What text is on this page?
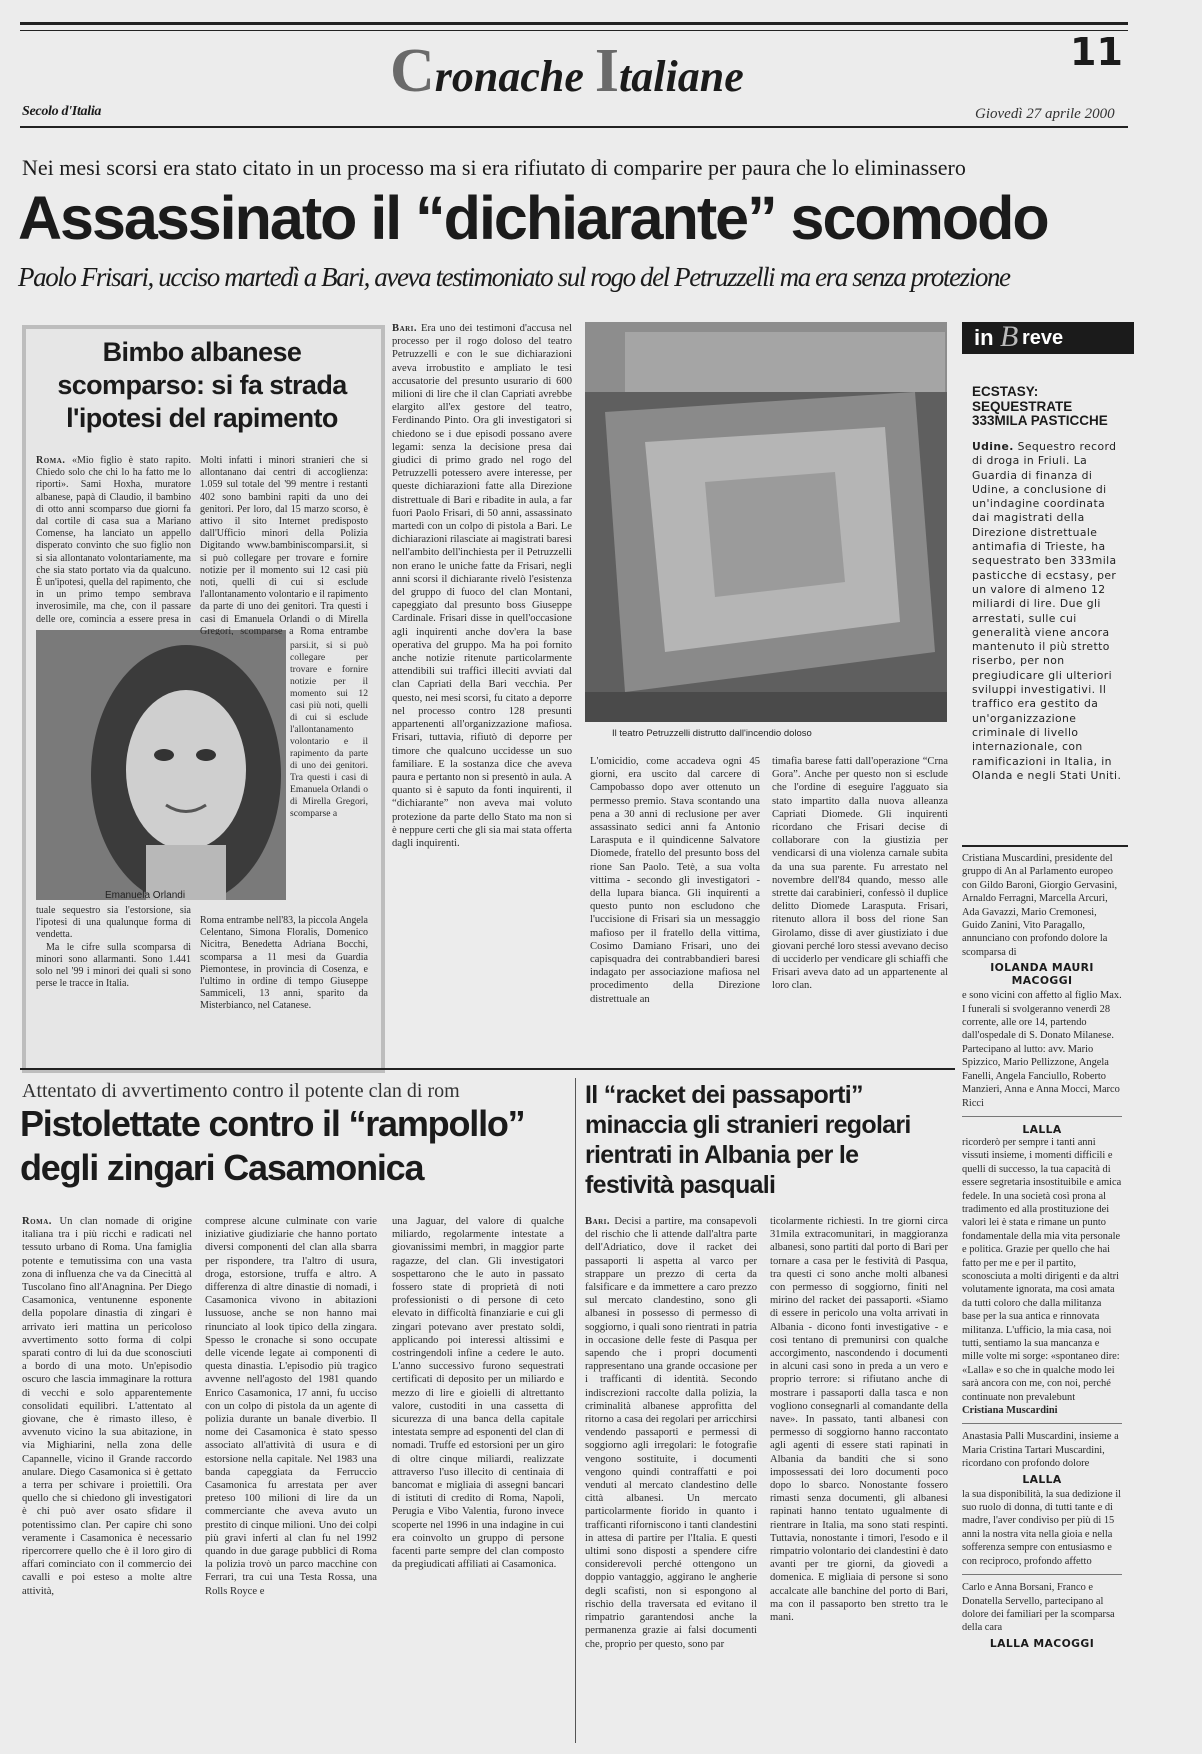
Cronache Italiane	11
Secolo d'Italia	Giovedì 27 aprile 2000
Nei mesi scorsi era stato citato in un processo ma si era rifiutato di comparire per paura che lo eliminassero
Assassinato il “dichiarante” scomodo
Paolo Frisari, ucciso martedì a Bari, aveva testimoniato sul rogo del Petruzzelli ma era senza protezione
Bimbo albanese scomparso: si fa strada l'ipotesi del rapimento

Roma. «Mio figlio è stato rapito. Chiedo solo che chi lo ha fatto me lo riporti». Sami Hoxha, muratore albanese, papà di Claudio, il bambino di otto anni scomparso due giorni fa dal cortile di casa sua a Mariano Comense, ha lanciato un appello disperato convinto che suo figlio non si sia allontanato volontariamente, ma che sia stato portato via da qualcuno. È un'ipotesi, quella del rapimento, che in un primo tempo sembrava inverosimile, ma che, con il passare delle ore, comincia a essere presa in

Emanuela Orlandi

tuale sequestro sia l'estorsione, sia l'ipotesi di una qualunque forma di vendetta.

Ma le cifre sulla scomparsa di minori sono allarmanti. Sono 1.441 solo nel '99 i minori dei quali si sono perse le tracce in Italia.

Molti infatti i minori stranieri che si allontanano dai centri di accoglienza: 1.059 sul totale del '99 mentre i restanti 402 sono bambini rapiti da uno dei genitori. Per loro, dal 15 marzo scorso, è attivo il sito Internet predisposto dall'Ufficio minori della Polizia Digitando www.bambiniscomparsi.it, si si può collegare per trovare e fornire notizie per il momento sui 12 casi più noti, quelli di cui si esclude l'allontanamento volontario e il rapimento da parte di uno dei genitori. Tra questi i casi di Emanuela Orlandi o di Mirella Gregori, scomparse a Roma entrambe

parsi.it, si si può collegare per trovare e fornire notizie per il momento sui 12 casi più noti, quelli di cui si esclude l'allontanamento volontario e il rapimento da parte di uno dei genitori. Tra questi i casi di Emanuela Orlandi o di Mirella Gregori, scomparse a

Roma entrambe nell'83, la piccola Angela Celentano, Simona Floralis, Domenico Nicitra, Benedetta Adriana Bocchi, scomparsa a 11 mesi da Guardia Piemontese, in provincia di Cosenza, e l'ultimo in ordine di tempo Giuseppe Sammiceli, 13 anni, sparito da Misterbianco, nel Catanese.

Bari. Era uno dei testimoni d'accusa nel processo per il rogo doloso del teatro Petruzzelli e con le sue dichiarazioni aveva irrobustito e ampliato le tesi accusatorie del presunto usurario di 600 milioni di lire che il clan Capriati avrebbe elargito all'ex gestore del teatro, Ferdinando Pinto. Ora gli investigatori si chiedono se i due episodi possano avere legami: senza la decisione presa dai giudici di primo grado nel rogo del Petruzzelli potessero avere interesse, per queste dichiarazioni fatte alla Direzione distrettuale di Bari e ribadite in aula, a far fuori Paolo Frisari, di 50 anni, assassinato martedì con un colpo di pistola a Bari. Le dichiarazioni rilasciate ai magistrati baresi nell'ambito dell'inchiesta per il Petruzzelli non erano le uniche fatte da Frisari, negli anni scorsi il dichiarante rivelò l'esistenza del gruppo di fuoco del clan Montani, capeggiato dal presunto boss Giuseppe Cardinale. Frisari disse in quell'occasione agli inquirenti anche dov'era la base operativa del gruppo. Ma ha poi fornito anche notizie ritenute particolarmente attendibili sui traffici illeciti avviati dal clan Capriati della Bari vecchia. Per questo, nei mesi scorsi, fu citato a deporre nel processo contro 128 presunti appartenenti all'organizzazione mafiosa. Frisari, tuttavia, rifiutò di deporre per timore che qualcuno uccidesse un suo familiare. E la sostanza dice che aveva paura e pertanto non si presentò in aula. A quanto si è saputo da fonti inquirenti, il “dichiarante” non aveva mai voluto protezione da parte dello Stato ma non si è neppure certi che gli sia mai stata offerta dagli inquirenti.

Il teatro Petruzzelli distrutto dall'incendio doloso

L'omicidio, come accadeva ogni 45 giorni, era uscito dal carcere di Campobasso dopo aver ottenuto un permesso premio. Stava scontando una pena a 30 anni di reclusione per aver assassinato sedici anni fa Antonio Larasputa e il quindicenne Salvatore Diomede, fratello del presunto boss del rione San Paolo. Tetè, a sua volta vittima - secondo gli investigatori - della lupara bianca. Gli inquirenti a questo punto non escludono che l'uccisione di Frisari sia un messaggio mafioso per il fratello della vittima, Cosimo Damiano Frisari, uno dei capisquadra dei contrabbandieri baresi indagato per associazione mafiosa nel procedimento della Direzione distrettuale an

timafia barese fatti dall'operazione “Crna Gora”. Anche per questo non si esclude che l'ordine di eseguire l'agguato sia stato impartito dalla nuova alleanza Capriati Diomede. Gli inquirenti ricordano che Frisari decise di collaborare con la giustizia per vendicarsi di una violenza carnale subita da una sua parente. Fu arrestato nel novembre dell'84 quando, messo alle strette dai carabinieri, confessò il duplice delitto Diomede Larasputa. Frisari, ritenuto allora il boss del rione San Girolamo, disse di aver giustiziato i due giovani perché loro stessi avevano deciso di ucciderlo per vendicare gli schiaffi che Frisari aveva dato ad un appartenente al loro clan.

in B reve
ECSTASY: SEQUESTRATE 333MILA PASTICCHE
Udine. Sequestro record di droga in Friuli. La Guardia di finanza di Udine, a conclusione di un'indagine coordinata dai magistrati della Direzione distrettuale antimafia di Trieste, ha sequestrato ben 333mila pasticche di ecstasy, per un valore di almeno 12 miliardi di lire. Due gli arrestati, sulle cui generalità viene ancora mantenuto il più stretto riserbo, per non pregiudicare gli ulteriori sviluppi investigativi. Il traffico era gestito da un'organizzazione criminale di livello internazionale, con ramificazioni in Italia, in Olanda e negli Stati Uniti.

Cristiana Muscardini, presidente del gruppo di An al Parlamento europeo con Gildo Baroni, Giorgio Gervasini, Arnaldo Ferragni, Marcella Arcuri, Ada Gavazzi, Mario Cremonesi, Guido Zanini, Vito Paragallo, annunciano con profondo dolore la scomparsa di

IOLANDA MAURI MACOGGI

e sono vicini con affetto al figlio Max. I funerali si svolgeranno venerdì 28 corrente, alle ore 14, partendo dall'ospedale di S. Donato Milanese. Partecipano al lutto: avv. Mario Spizzico, Mario Pellizzone, Angela Fanelli, Angela Fanciullo, Roberto Manzieri, Anna e Anna Mocci, Marco Ricci

LALLA

ricorderò per sempre i tanti anni vissuti insieme, i momenti difficili e quelli di successo, la tua capacità di essere segretaria insostituibile e amica fedele. In una società così prona al tradimento ed alla prostituzione dei valori lei è stata e rimane un punto fondamentale della mia vita personale e politica. Grazie per quello che hai fatto per me e per il partito, sconosciuta a molti dirigenti e da altri volutamente ignorata, ma così amata da tutti coloro che dalla militanza base per la sua antica e rinnovata militanza. L'ufficio, la mia casa, noi tutti, sentiamo la sua mancanza e mille volte mi sorge: «spontaneo dire: «Lalla» e so che in qualche modo lei sarà ancora con me, con noi, perché continuate non prevalebunt

Cristiana Muscardini

Anastasia Palli Muscardini, insieme a Maria Cristina Tartari Muscardini, ricordano con profondo dolore

LALLA

la sua disponibilità, la sua dedizione il suo ruolo di donna, di tutti tante e di madre, l'aver condiviso per più di 15 anni la nostra vita nella gioia e nella sofferenza sempre con entusiasmo e con reciproco, profondo affetto

Carlo e Anna Borsani, Franco e Donatella Servello, partecipano al dolore dei familiari per la scomparsa della cara

LALLA MACOGGI
Attentato di avvertimento contro il potente clan di rom
Pistolettate contro il “rampollo” degli zingari Casamonica

Roma. Un clan nomade di origine italiana tra i più ricchi e radicati nel tessuto urbano di Roma. Una famiglia potente e temutissima con una vasta zona di influenza che va da Cinecittà al Tuscolano fino all'Anagnina. Per Diego Casamonica, ventunenne esponente della popolare dinastia di zingari è arrivato ieri mattina un pericoloso avvertimento sotto forma di colpi sparati contro di lui da due sconosciuti a bordo di una moto. Un'episodio oscuro che lascia immaginare la rottura di vecchi e solo apparentemente consolidati equilibri. L'attentato al giovane, che è rimasto illeso, è avvenuto vicino la sua abitazione, in via Mighiarini, nella zona delle Capannelle, vicino il Grande raccordo anulare. Diego Casamonica si è gettato a terra per schivare i proiettili. Ora quello che si chiedono gli investigatori è chi può aver osato sfidare il potentissimo clan. Per capire chi sono veramente i Casamonica è necessario ripercorrere quello che è il loro giro di affari cominciato con il commercio dei cavalli e poi esteso a molte altre attività,

comprese alcune culminate con varie iniziative giudiziarie che hanno portato diversi componenti del clan alla sbarra per rispondere, tra l'altro di usura, droga, estorsione, truffa e altro. A differenza di altre dinastie di nomadi, i Casamonica vivono in abitazioni lussuose, anche se non hanno mai rinunciato al look tipico della zingara. Spesso le cronache si sono occupate delle vicende legate ai componenti di questa dinastia. L'episodio più tragico avvenne nell'agosto del 1981 quando Enrico Casamonica, 17 anni, fu ucciso con un colpo di pistola da un agente di polizia durante un banale diverbio. Il nome dei Casamonica è stato spesso associato all'attività di usura e di estorsione nella capitale. Nel 1983 una banda capeggiata da Ferruccio Casamonica fu arrestata per aver preteso 100 milioni di lire da un commerciante che aveva avuto un prestito di cinque milioni. Uno dei colpi più gravi inferti al clan fu nel 1992 quando in due garage pubblici di Roma la polizia trovò un parco macchine con Ferrari, tra cui una Testa Rossa, una Rolls Royce e

una Jaguar, del valore di qualche miliardo, regolarmente intestate a giovanissimi membri, in maggior parte ragazze, del clan. Gli investigatori sospettarono che le auto in passato fossero state di proprietà di noti professionisti o di persone di ceto elevato in difficoltà finanziarie e cui gli zingari potevano aver prestato soldi, applicando poi interessi altissimi e costringendoli infine a cedere le auto. L'anno successivo furono sequestrati certificati di deposito per un miliardo e mezzo di lire e gioielli di altrettanto valore, custoditi in una cassetta di sicurezza di una banca della capitale intestata sempre ad esponenti del clan di nomadi. Truffe ed estorsioni per un giro di oltre cinque miliardi, realizzate attraverso l'uso illecito di centinaia di bancomat e migliaia di assegni bancari di istituti di credito di Roma, Napoli, Perugia e Vibo Valentia, furono invece scoperte nel 1996 in una indagine in cui era coinvolto un gruppo di persone facenti parte sempre del clan composto da pregiudicati affiliati ai Casamonica.

Il “racket dei passaporti” minaccia gli stranieri regolari rientrati in Albania per le festività pasquali

Bari. Decisi a partire, ma consapevoli del rischio che li attende dall'altra parte dell'Adriatico, dove il racket dei passaporti li aspetta al varco per strappare un prezzo di certa da falsificare e da immettere a caro prezzo sul mercato clandestino, sono gli albanesi in possesso di permesso di soggiorno, i quali sono rientrati in patria in occasione delle feste di Pasqua per sapendo che i propri documenti rappresentano una grande occasione per i trafficanti di identità. Secondo indiscrezioni raccolte dalla polizia, la criminalità albanese approfitta del ritorno a casa dei regolari per arricchirsi vendendo passaporti e permessi di soggiorno agli irregolari: le fotografie vengono sostituite, i documenti vengono quindi contraffatti e poi venduti al mercato clandestino delle città albanesi. Un mercato particolarmente fiorido in quanto i trafficanti riforniscono i tanti clandestini in attesa di partire per l'Italia. E questi ultimi sono disposti a spendere cifre considerevoli perché ottengono un doppio vantaggio, aggirano le angherie degli scafisti, non si espongono al rischio della traversata ed evitano il rimpatrio garantendosi anche la permanenza grazie ai falsi documenti che, proprio per questo, sono par

ticolarmente richiesti. In tre giorni circa 31mila extracomunitari, in maggioranza albanesi, sono partiti dal porto di Bari per tornare a casa per le festività di Pasqua, tra questi ci sono anche molti albanesi con permesso di soggiorno, finiti nel mirino del racket dei passaporti. «Siamo di essere in pericolo una volta arrivati in Albania - dicono fonti investigative - e così tentano di premunirsi con qualche accorgimento, nascondendo i documenti in alcuni casi sono in preda a un vero e proprio terrore: si rifiutano anche di mostrare i passaporti dalla tasca e non vogliono consegnarli al comandante della nave». In passato, tanti albanesi con permesso di soggiorno hanno raccontato agli agenti di essere stati rapinati in Albania da banditi che si sono impossessati dei loro documenti poco dopo lo sbarco. Nonostante fossero rimasti senza documenti, gli albanesi rapinati hanno tentato ugualmente di rientrare in Italia, ma sono stati respinti. Tuttavia, nonostante i timori, l'esodo e il rimpatrio volontario dei clandestini è dato avanti per tre giorni, da giovedì a domenica. E migliaia di persone si sono accalcate alle banchine del porto di Bari, ma con il passaporto ben stretto tra le mani.
